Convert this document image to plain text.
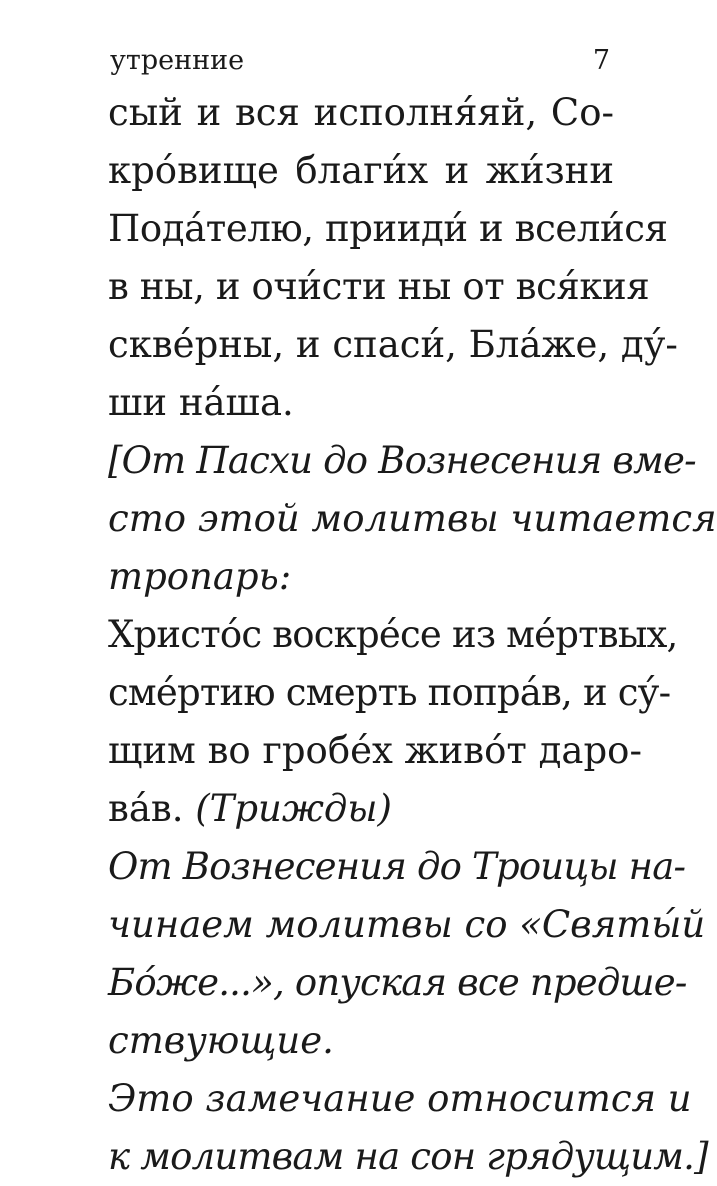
утренние	7
сый и вся исполня́яй, Со-
кро́вище благи́х и жи́зни
Пода́телю, прииди́ и всели́ся
в ны, и очи́сти ны от вся́кия
скве́рны, и спаси́, Бла́же, ду́-
ши на́ша.
[От Пасхи до Вознесения вме-
сто этой молитвы читается
тропарь:
Христо́с воскре́се из ме́ртвых,
сме́ртию смерть попра́в, и су́-
щим во гробе́х живо́т даро-
ва́в. (Трижды)
От Вознесения до Троицы на-
чинаем молитвы со «Святы́й
Бо́же...», опуская все предше-
ствующие.
Это замечание относится и
к молитвам на сон грядущим.]
